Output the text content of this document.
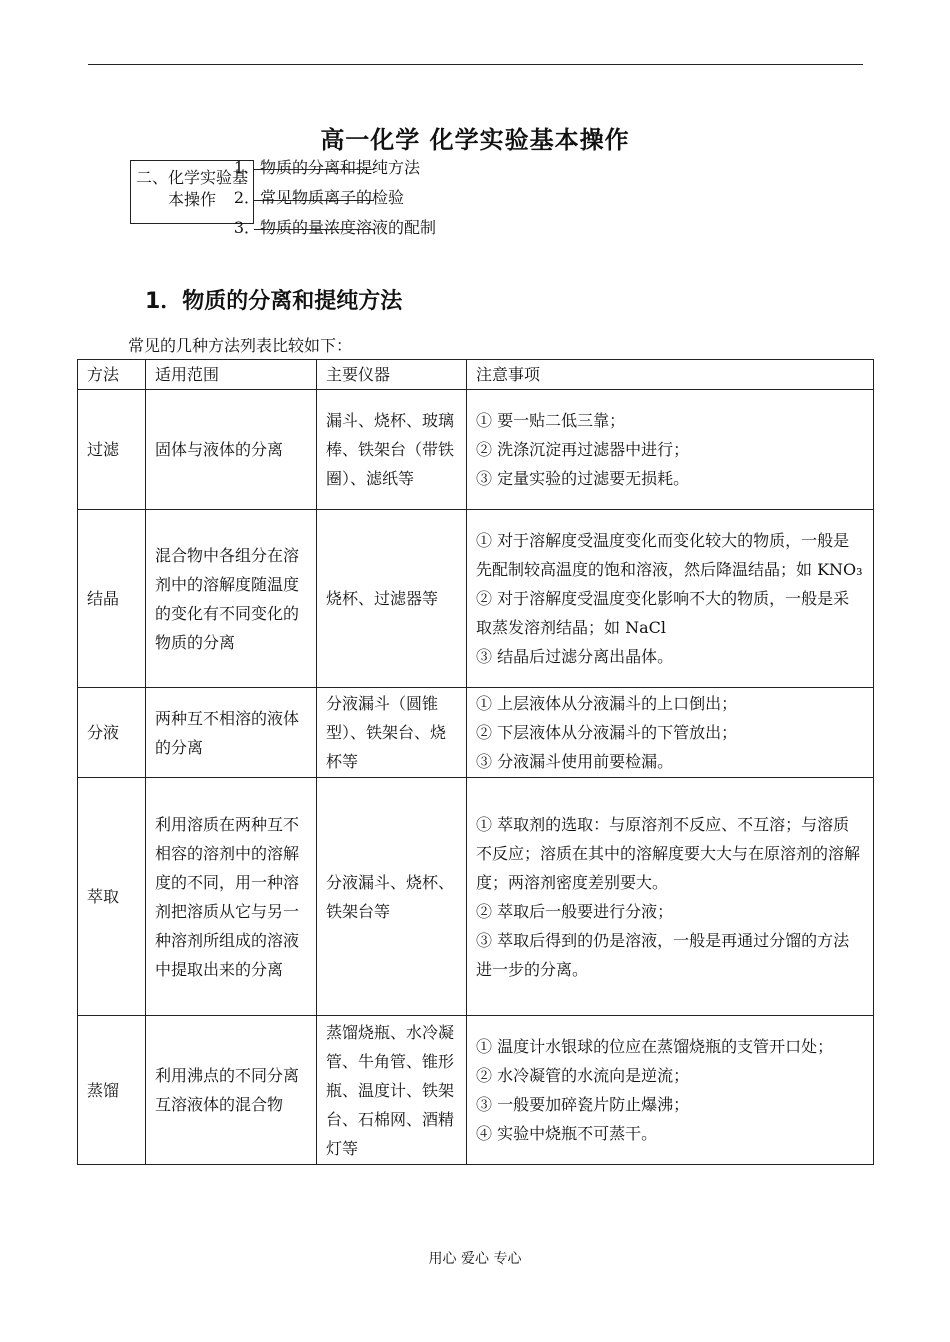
高一化学 化学实验基本操作
二、化学实验基本操作
1．物质的分离和提纯方法
2．常见物质离子的检验
3．物质的量浓度溶液的配制
1．物质的分离和提纯方法
常见的几种方法列表比较如下：
方法	适用范围	主要仪器	注意事项
过滤	固体与液体的分离	漏斗、烧杯、玻璃棒、铁架台（带铁圈）、滤纸等	① 要一贴二低三靠；
② 洗涤沉淀再过滤器中进行；
③ 定量实验的过滤要无损耗。

结晶	混合物中各组分在溶剂中的溶解度随温度的变化有不同变化的物质的分离	烧杯、过滤器等	① 对于溶解度受温度变化而变化较大的物质，一般是先配制较高温度的饱和溶液，然后降温结晶；如 KNO₃
② 对于溶解度受温度变化影响不大的物质，一般是采取蒸发溶剂结晶；如 NaCl
③ 结晶后过滤分离出晶体。

分液	两种互不相溶的液体的分离	分液漏斗（圆锥型）、铁架台、烧杯等	① 上层液体从分液漏斗的上口倒出；
② 下层液体从分液漏斗的下管放出；
③ 分液漏斗使用前要检漏。

萃取	利用溶质在两种互不相容的溶剂中的溶解度的不同，用一种溶剂把溶质从它与另一种溶剂所组成的溶液中提取出来的分离	分液漏斗、烧杯、铁架台等	① 萃取剂的选取：与原溶剂不反应、不互溶；与溶质不反应；溶质在其中的溶解度要大大与在原溶剂的溶解度；两溶剂密度差别要大。
② 萃取后一般要进行分液；
③ 萃取后得到的仍是溶液，一般是再通过分馏的方法进一步的分离。

蒸馏	利用沸点的不同分离互溶液体的混合物	蒸馏烧瓶、水冷凝管、牛角管、锥形瓶、温度计、铁架台、石棉网、酒精灯等	① 温度计水银球的位应在蒸馏烧瓶的支管开口处；
② 水冷凝管的水流向是逆流；
③ 一般要加碎瓷片防止爆沸；
④ 实验中烧瓶不可蒸干。
用心 爱心 专心
